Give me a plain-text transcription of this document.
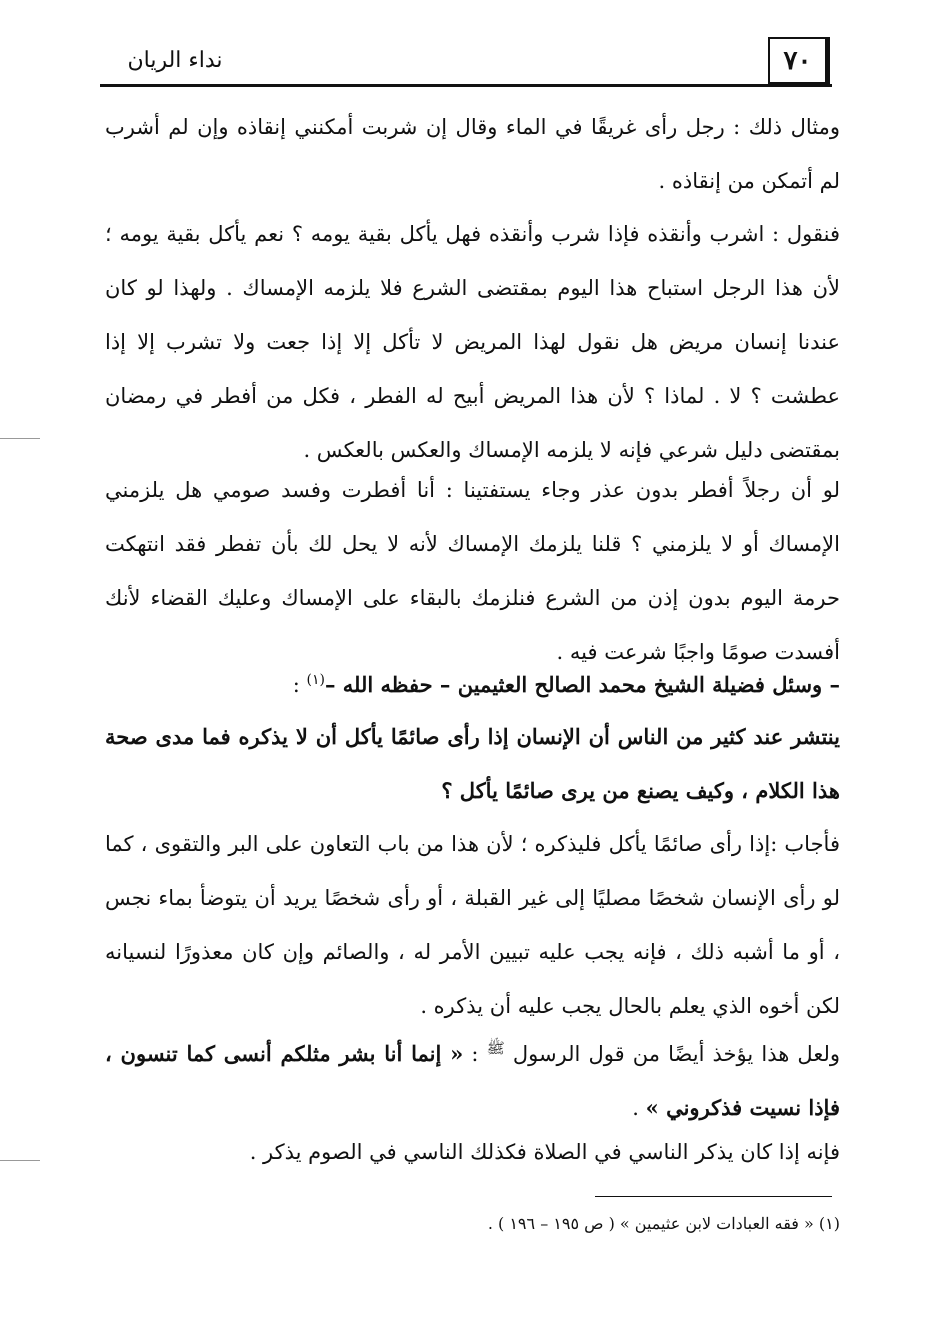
٧٠
نداء الريان
ومثال ذلك : رجل رأى غريقًا في الماء وقال إن شربت أمكنني إنقاذه وإن لم أشرب لم أتمكن من إنقاذه .
فنقول : اشرب وأنقذه فإذا شرب وأنقذه فهل يأكل بقية يومه ؟ نعم يأكل بقية يومه ؛ لأن هذا الرجل استباح هذا اليوم بمقتضى الشرع فلا يلزمه الإمساك . ولهذا لو كان عندنا إنسان مريض هل نقول لهذا المريض لا تأكل إلا إذا جعت ولا تشرب إلا إذا عطشت ؟ لا . لماذا ؟ لأن هذا المريض أبيح له الفطر ، فكل من أفطر في رمضان بمقتضى دليل شرعي فإنه لا يلزمه الإمساك والعكس بالعكس .
لو أن رجلاً أفطر بدون عذر وجاء يستفتينا : أنا أفطرت وفسد صومي هل يلزمني الإمساك أو لا يلزمني ؟ قلنا يلزمك الإمساك لأنه لا يحل لك بأن تفطر فقد انتهكت حرمة اليوم بدون إذن من الشرع فنلزمك بالبقاء على الإمساك وعليك القضاء لأنك أفسدت صومًا واجبًا شرعت فيه .
– وسئل فضيلة الشيخ محمد الصالح العثيمين – حفظه الله –$^{(١)}$ :
ينتشر عند كثير من الناس أن الإنسان إذا رأى صائمًا يأكل أن لا يذكره فما مدى صحة هذا الكلام ، وكيف يصنع من يرى صائمًا يأكل ؟
فأجاب :إذا رأى صائمًا يأكل فليذكره ؛ لأن هذا من باب التعاون على البر والتقوى ، كما لو رأى الإنسان شخصًا مصليًا إلى غير القبلة ، أو رأى شخصًا يريد أن يتوضأ بماء نجس ، أو ما أشبه ذلك ، فإنه يجب عليه تبيين الأمر له ، والصائم وإن كان معذورًا لنسيانه لكن أخوه الذي يعلم بالحال يجب عليه أن يذكره .
ولعل هذا يؤخذ أيضًا من قول الرسول $^ﷺ$ : « إنما أنا بشر مثلكم أنسى كما تنسون ، فإذا نسيت فذكروني » .
فإنه إذا كان يذكر الناسي في الصلاة فكذلك الناسي في الصوم يذكر .
(١) « فقه العبادات لابن عثيمين » ( ص ١٩٥ – ١٩٦ ) .
